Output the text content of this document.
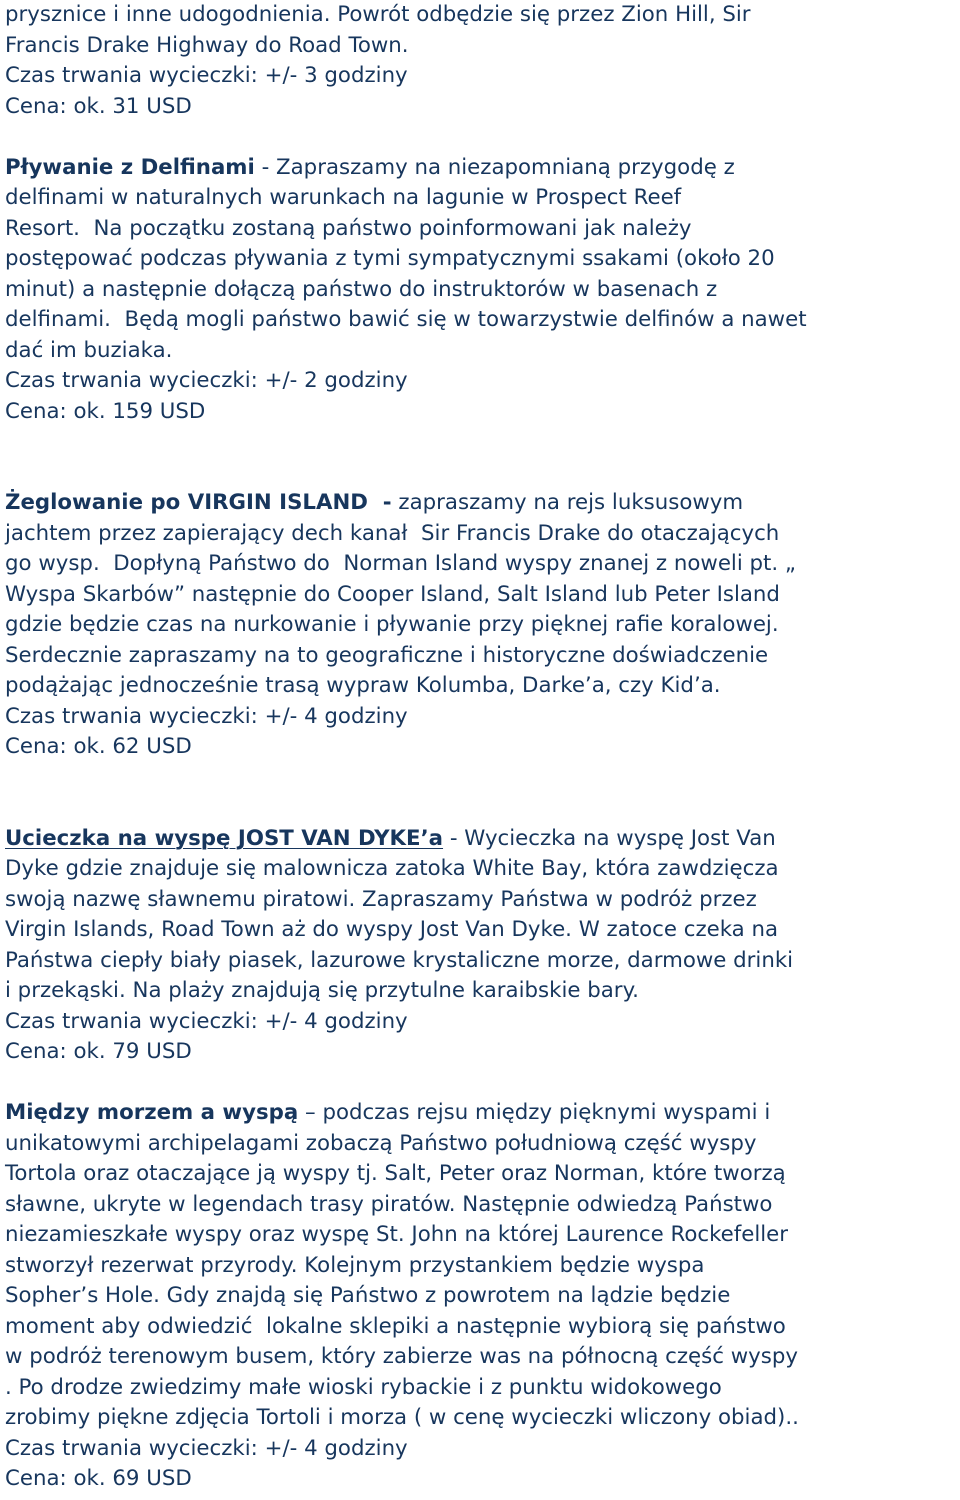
prysznice i inne udogodnienia. Powrót odbędzie się przez Zion Hill, Sir
Francis Drake Highway do Road Town.
Czas trwania wycieczki: +/- 3 godziny
Cena: ok. 31 USD
Pływanie z Delfinami - Zapraszamy na niezapomnianą przygodę z
delfinami w naturalnych warunkach na lagunie w Prospect Reef
Resort.  Na początku zostaną państwo poinformowani jak należy
postępować podczas pływania z tymi sympatycznymi ssakami (około 20
minut) a następnie dołączą państwo do instruktorów w basenach z
delfinami.  Będą mogli państwo bawić się w towarzystwie delfinów a nawet
dać im buziaka.
Czas trwania wycieczki: +/- 2 godziny
Cena: ok. 159 USD
Żeglowanie po VIRGIN ISLAND  - zapraszamy na rejs luksusowym
jachtem przez zapierający dech kanał  Sir Francis Drake do otaczających
go wysp.  Dopłyną Państwo do  Norman Island wyspy znanej z noweli pt. „
Wyspa Skarbów” następnie do Cooper Island, Salt Island lub Peter Island
gdzie będzie czas na nurkowanie i pływanie przy pięknej rafie koralowej.
Serdecznie zapraszamy na to geograficzne i historyczne doświadczenie
podążając jednocześnie trasą wypraw Kolumba, Darke’a, czy Kid’a.
Czas trwania wycieczki: +/- 4 godziny
Cena: ok. 62 USD
Ucieczka na wyspę JOST VAN DYKE’a - Wycieczka na wyspę Jost Van
Dyke gdzie znajduje się malownicza zatoka White Bay, która zawdzięcza
swoją nazwę sławnemu piratowi. Zapraszamy Państwa w podróż przez
Virgin Islands, Road Town aż do wyspy Jost Van Dyke. W zatoce czeka na
Państwa ciepły biały piasek, lazurowe krystaliczne morze, darmowe drinki
i przekąski. Na plaży znajdują się przytulne karaibskie bary.
Czas trwania wycieczki: +/- 4 godziny
Cena: ok. 79 USD
Między morzem a wyspą – podczas rejsu między pięknymi wyspami i
unikatowymi archipelagami zobaczą Państwo południową część wyspy
Tortola oraz otaczające ją wyspy tj. Salt, Peter oraz Norman, które tworzą
sławne, ukryte w legendach trasy piratów. Następnie odwiedzą Państwo
niezamieszkałe wyspy oraz wyspę St. John na której Laurence Rockefeller
stworzył rezerwat przyrody. Kolejnym przystankiem będzie wyspa
Sopher’s Hole. Gdy znajdą się Państwo z powrotem na lądzie będzie
moment aby odwiedzić  lokalne sklepiki a następnie wybiorą się państwo
w podróż terenowym busem, który zabierze was na północną część wyspy
. Po drodze zwiedzimy małe wioski rybackie i z punktu widokowego
zrobimy piękne zdjęcia Tortoli i morza ( w cenę wycieczki wliczony obiad)..
Czas trwania wycieczki: +/- 4 godziny
Cena: ok. 69 USD
